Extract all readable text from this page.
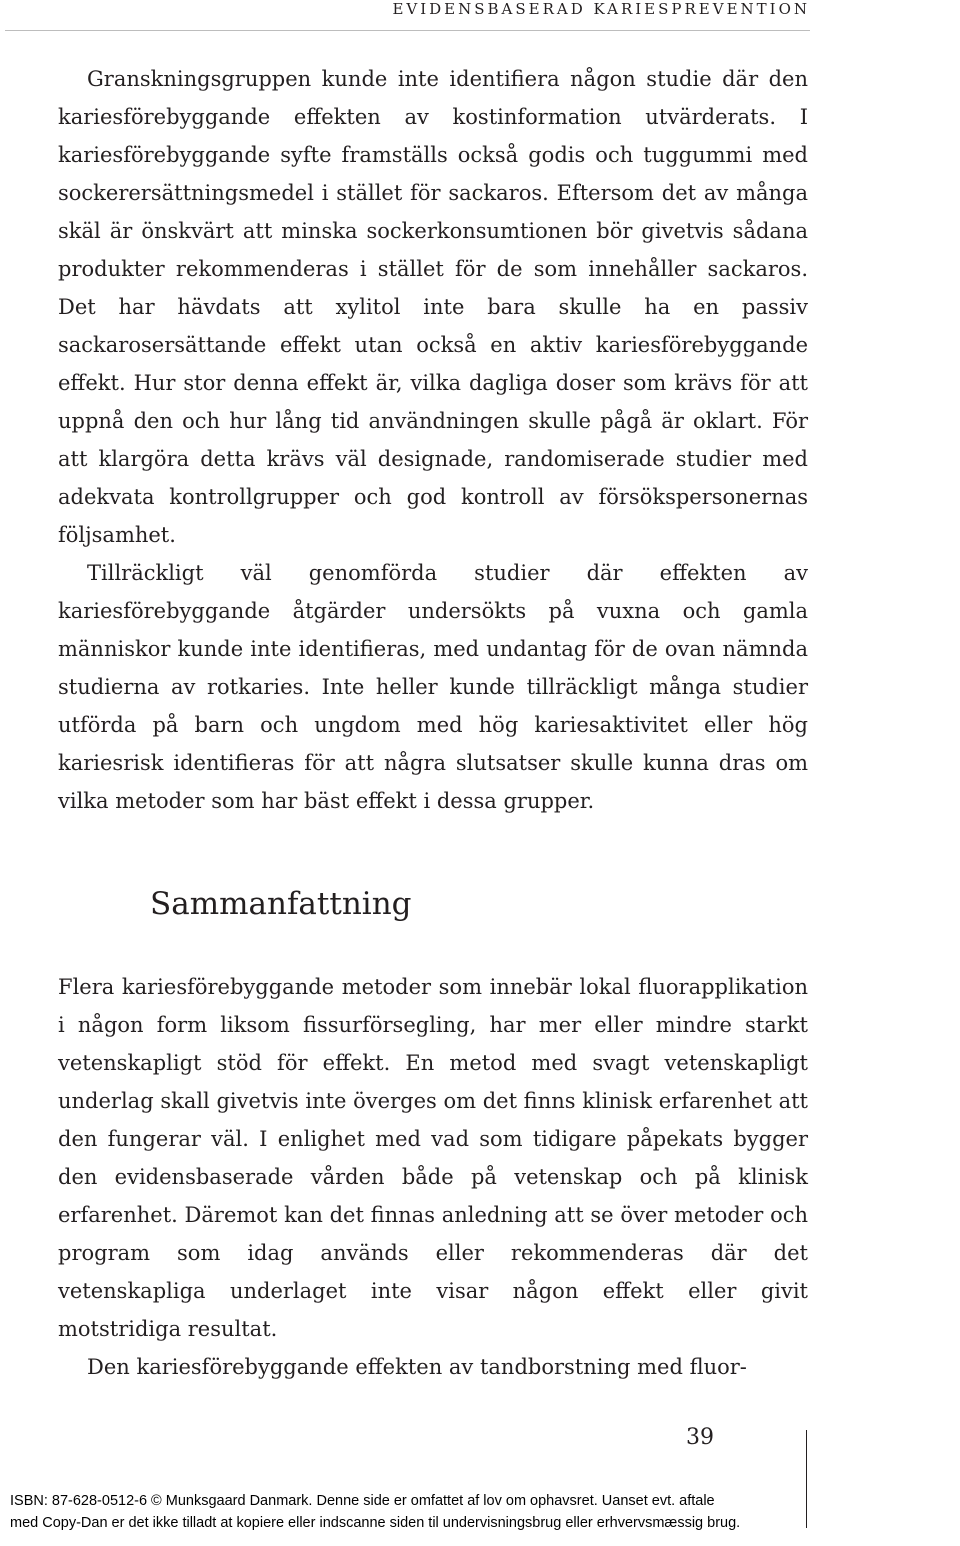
EVIDENSBASERAD KARIESPREVENTION

Granskningsgruppen kunde inte identifiera någon studie där den kariesförebyggande effekten av kostinformation utvärderats. I kariesförebyggande syfte framställs också godis och tuggummi med sockerersättningsmedel i stället för sackaros. Eftersom det av många skäl är önskvärt att minska sockerkonsumtionen bör givetvis sådana produkter rekommenderas i stället för de som innehåller sackaros. Det har hävdats att xylitol inte bara skulle ha en passiv sackarosersättande effekt utan också en aktiv kariesförebyggande effekt. Hur stor denna effekt är, vilka dagliga doser som krävs för att uppnå den och hur lång tid användningen skulle pågå är oklart. För att klargöra detta krävs väl designade, randomiserade studier med adekvata kontrollgrupper och god kontroll av försökspersonernas följsamhet.

Tillräckligt väl genomförda studier där effekten av kariesförebyggande åtgärder undersökts på vuxna och gamla människor kunde inte identifieras, med undantag för de ovan nämnda studierna av rotkaries. Inte heller kunde tillräckligt många studier utförda på barn och ungdom med hög kariesaktivitet eller hög kariesrisk identifieras för att några slutsatser skulle kunna dras om vilka metoder som har bäst effekt i dessa grupper.

Sammanfattning

Flera kariesförebyggande metoder som innebär lokal fluorapplikation i någon form liksom fissurförsegling, har mer eller mindre starkt vetenskapligt stöd för effekt. En metod med svagt vetenskapligt underlag skall givetvis inte överges om det finns klinisk erfarenhet att den fungerar väl. I enlighet med vad som tidigare påpekats bygger den evidensbaserade vården både på vetenskap och på klinisk erfarenhet. Däremot kan det finnas anledning att se över metoder och program som idag används eller rekommenderas där det vetenskapliga underlaget inte visar någon effekt eller givit motstridiga resultat.

Den kariesförebyggande effekten av tandborstning med fluor-

39
ISBN: 87-628-0512-6 © Munksgaard Danmark. Denne side er omfattet af lov om ophavsret. Uanset evt. aftale
med Copy-Dan er det ikke tilladt at kopiere eller indscanne siden til undervisningsbrug eller erhvervsmæssig brug.
